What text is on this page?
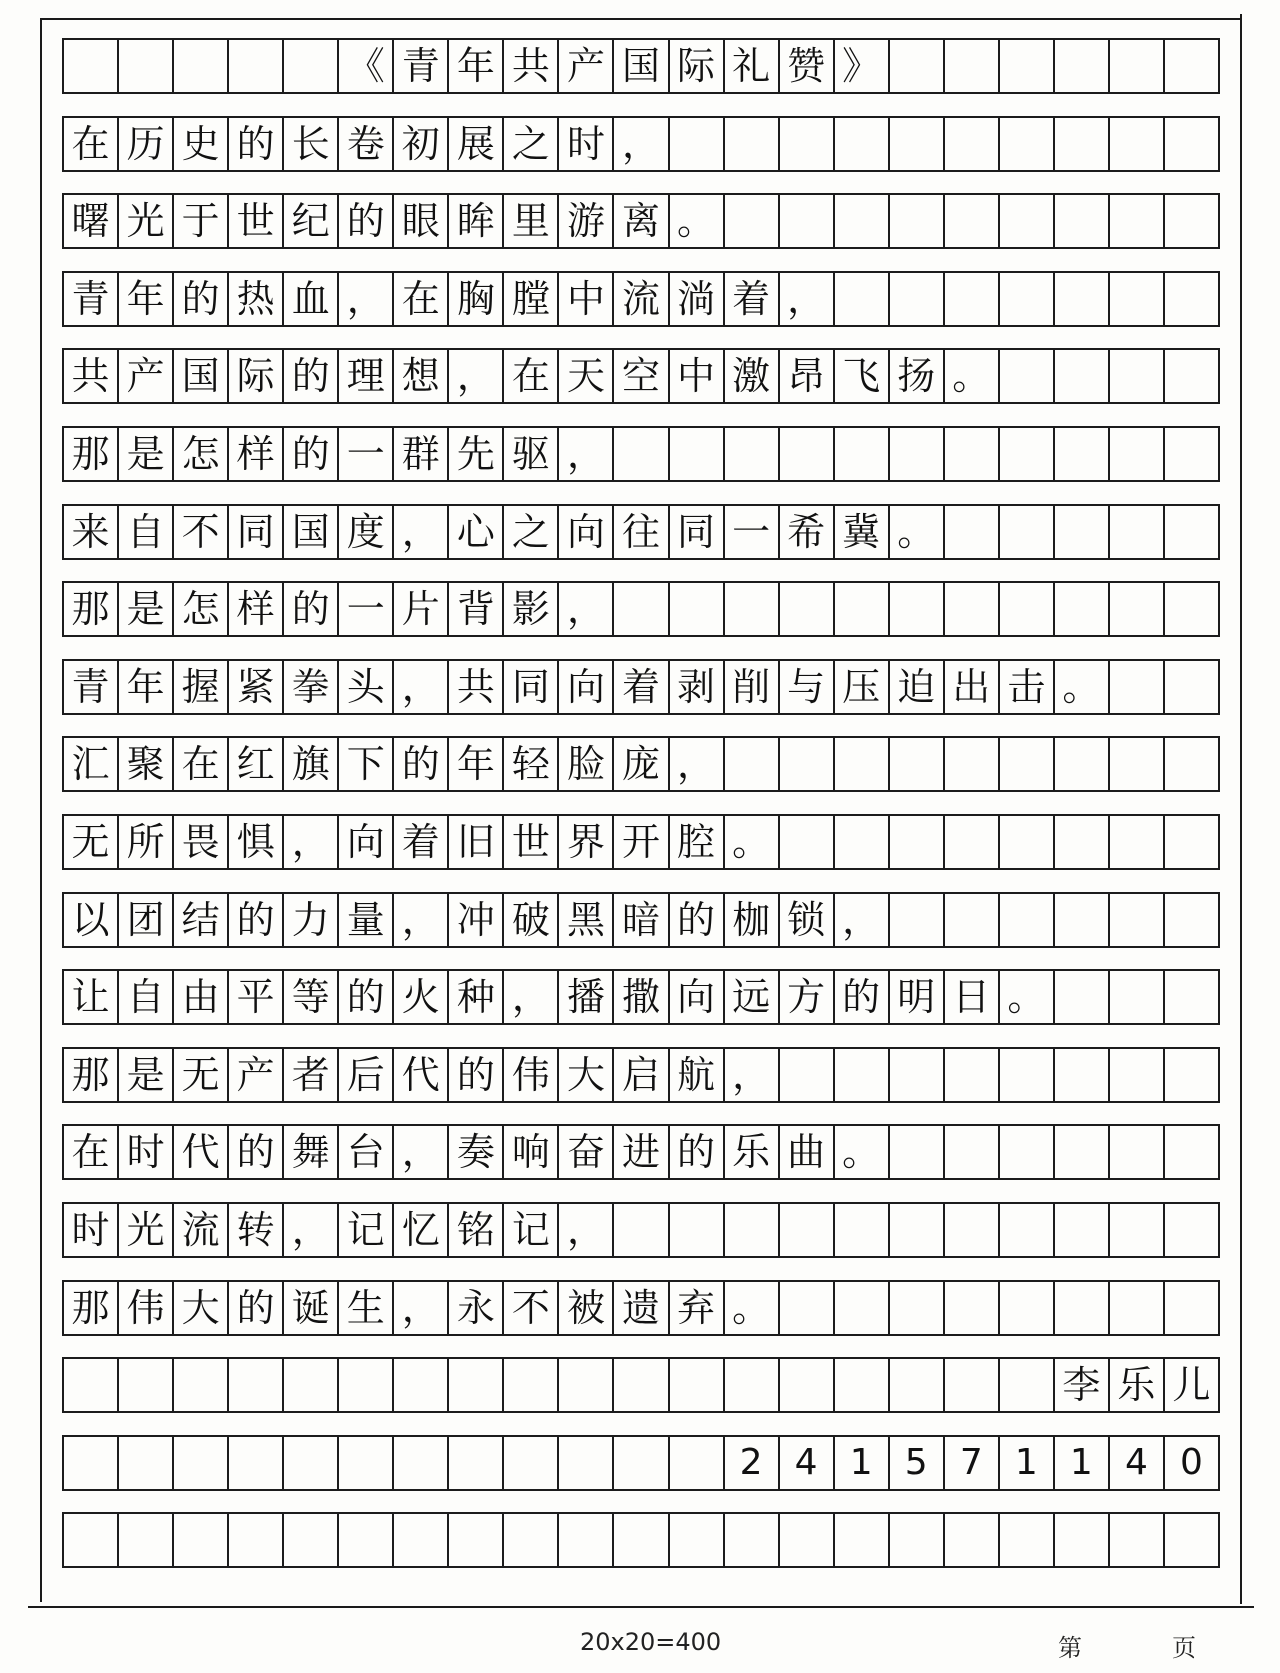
《 青 年 共 产 国 际 礼 赞 》
在 历 史 的 长 卷 初 展 之 时 ，
曙 光 于 世 纪 的 眼 眸 里 游 离 。
青 年 的 热 血 ， 在 胸 膛 中 流 淌 着 ，
共 产 国 际 的 理 想 ， 在 天 空 中 激 昂 飞 扬 。
那 是 怎 样 的 一 群 先 驱 ，
来 自 不 同 国 度 ， 心 之 向 往 同 一 希 冀 。
那 是 怎 样 的 一 片 背 影 ，
青 年 握 紧 拳 头 ， 共 同 向 着 剥 削 与 压 迫 出 击 。
汇 聚 在 红 旗 下 的 年 轻 脸 庞 ，
无 所 畏 惧 ， 向 着 旧 世 界 开 腔 。
以 团 结 的 力 量 ， 冲 破 黑 暗 的 枷 锁 ，
让 自 由 平 等 的 火 种 ， 播 撒 向 远 方 的 明 日 。
那 是 无 产 者 后 代 的 伟 大 启 航 ，
在 时 代 的 舞 台 ， 奏 响 奋 进 的 乐 曲 。
时 光 流 转 ， 记 忆 铭 记 ，
那 伟 大 的 诞 生 ， 永 不 被 遗 弃 。
李 乐 儿
2 4 1 5 7 1 1 4 0
20x20=400	第	页
